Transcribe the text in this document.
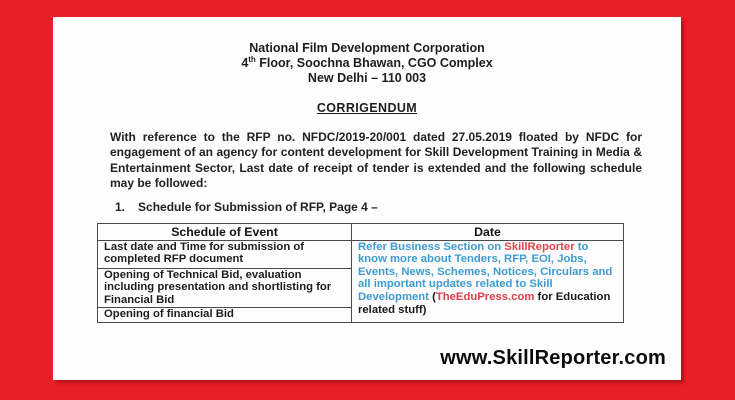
National Film Development Corporation
4th Floor, Soochna Bhawan, CGO Complex
New Delhi – 110 003
CORRIGENDUM

With reference to the RFP no. NFDC/2019-20/001 dated 27.05.2019 floated by NFDC for engagement of an agency for content development for Skill Development Training in Media & Entertainment Sector, Last date of receipt of tender is extended and the following schedule may be followed:

1. Schedule for Submission of RFP, Page 4 –
Schedule of Event	Date
Last date and Time for submission of completed RFP document	Refer Business Section on SkillReporter to know more about Tenders, RFP, EOI, Jobs, Events, News, Schemes, Notices, Circulars and all important updates related to Skill Development (TheEduPress.com for Education related stuff)
Opening of Technical Bid, evaluation including presentation and shortlisting for Financial Bid	
Opening of financial Bid	
www.SkillReporter.com
